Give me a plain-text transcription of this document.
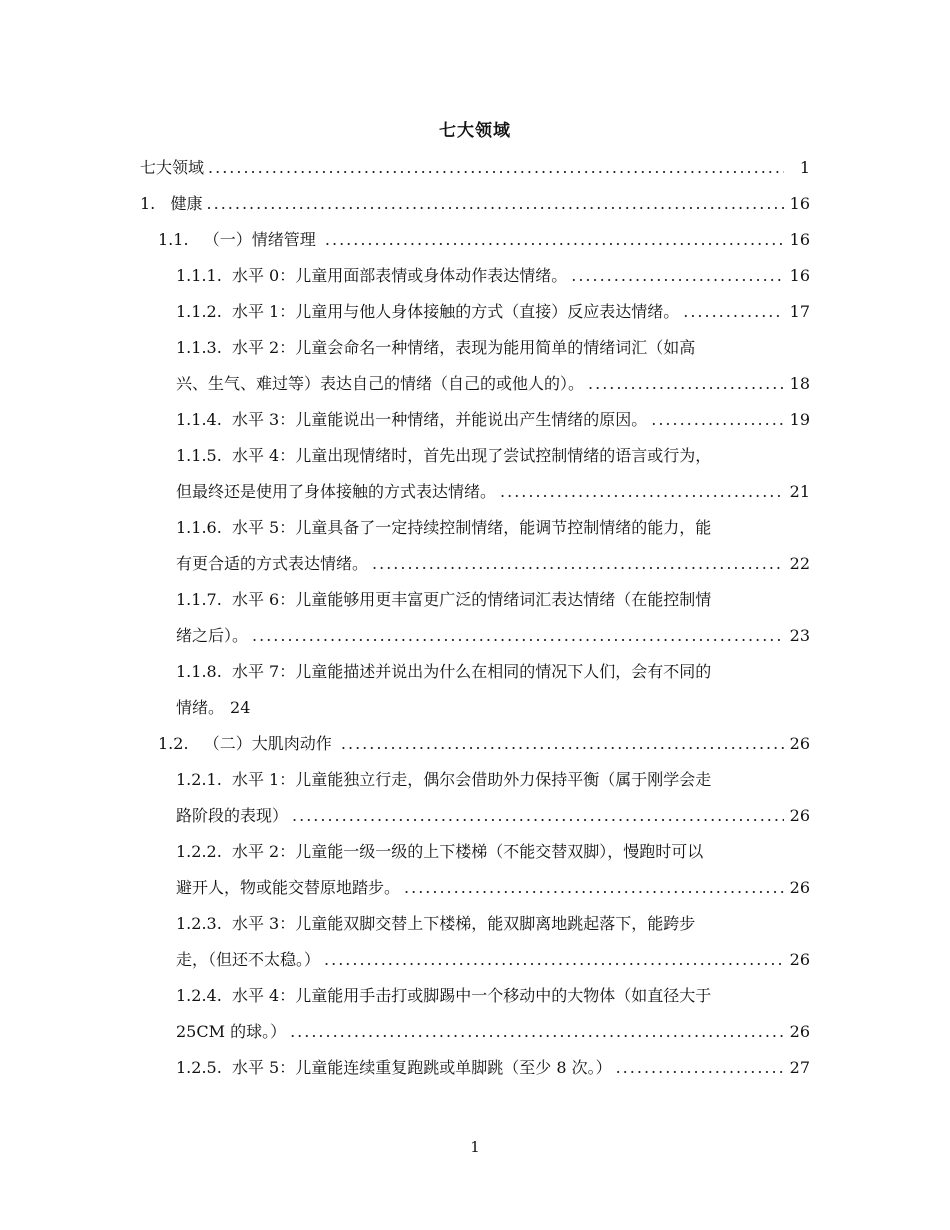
七大领域
七大领域 .....	1
1.   健康 .....	16
1.1.   （一）情绪管理 .....	16
1.1.1.  水平 0：儿童用面部表情或身体动作表达情绪。 .....	16
1.1.2.  水平 1：儿童用与他人身体接触的方式（直接）反应表达情绪。 .....	17
1.1.3.  水平 2：儿童会命名一种情绪，表现为能用简单的情绪词汇（如高
兴、生气、难过等）表达自己的情绪（自己的或他人的）。 .....	18
1.1.4.  水平 3：儿童能说出一种情绪，并能说出产生情绪的原因。 .....	19
1.1.5.  水平 4：儿童出现情绪时，首先出现了尝试控制情绪的语言或行为，
但最终还是使用了身体接触的方式表达情绪。 .....	21
1.1.6.  水平 5：儿童具备了一定持续控制情绪，能调节控制情绪的能力，能
有更合适的方式表达情绪。 .....	22
1.1.7.  水平 6：儿童能够用更丰富更广泛的情绪词汇表达情绪（在能控制情
绪之后）。 .....	23
1.1.8.  水平 7：儿童能描述并说出为什么在相同的情况下人们，会有不同的
情绪。 24
1.2.   （二）大肌肉动作 .....	26
1.2.1.  水平 1：儿童能独立行走，偶尔会借助外力保持平衡（属于刚学会走
路阶段的表现） .....	26
1.2.2.  水平 2：儿童能一级一级的上下楼梯（不能交替双脚），慢跑时可以
避开人，物或能交替原地踏步。 .....	26
1.2.3.  水平 3：儿童能双脚交替上下楼梯，能双脚离地跳起落下，能跨步
走，（但还不太稳。） .....	26
1.2.4.  水平 4：儿童能用手击打或脚踢中一个移动中的大物体（如直径大于
25CM 的球。） .....	26
1.2.5.  水平 5：儿童能连续重复跑跳或单脚跳（至少 8 次。） .....	27
1
